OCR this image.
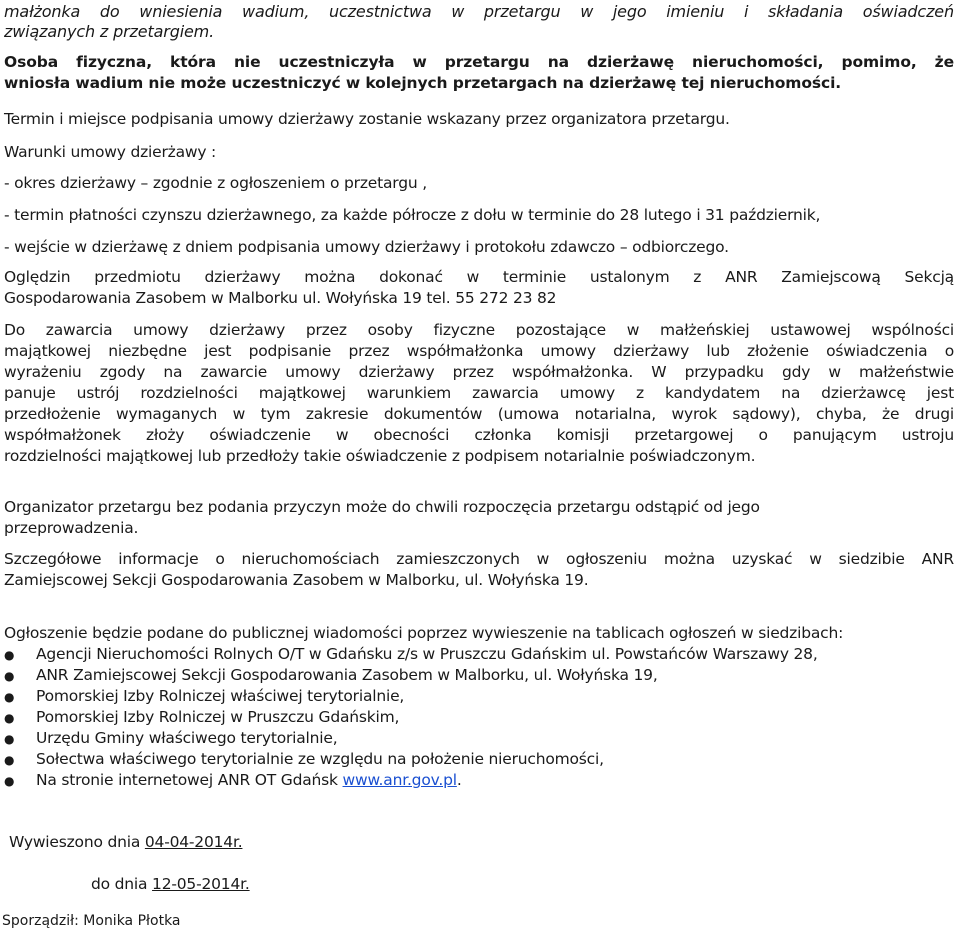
małżonka do wniesienia wadium, uczestnictwa w przetargu w jego imieniu i składania oświadczeń
związanych z przetargiem.
Osoba fizyczna, która nie uczestniczyła w przetargu na dzierżawę nieruchomości, pomimo, że
wniosła wadium nie może uczestniczyć w kolejnych przetargach na dzierżawę tej nieruchomości.
Termin i miejsce podpisania umowy dzierżawy zostanie wskazany przez organizatora przetargu.
Warunki umowy dzierżawy :
- okres dzierżawy – zgodnie z ogłoszeniem o przetargu ,
- termin płatności czynszu dzierżawnego, za każde półrocze z dołu w terminie do 28 lutego i 31 październik,
- wejście w dzierżawę z dniem podpisania umowy dzierżawy i protokołu zdawczo – odbiorczego.
Oględzin przedmiotu dzierżawy można dokonać w terminie ustalonym z ANR Zamiejscową Sekcją
Gospodarowania Zasobem w Malborku ul. Wołyńska 19 tel. 55 272 23 82
Do zawarcia umowy dzierżawy przez osoby fizyczne pozostające w małżeńskiej ustawowej wspólności
majątkowej niezbędne jest podpisanie przez współmałżonka umowy dzierżawy lub złożenie oświadczenia o
wyrażeniu zgody na zawarcie umowy dzierżawy przez współmałżonka. W przypadku gdy w małżeństwie
panuje ustrój rozdzielności majątkowej warunkiem zawarcia umowy z kandydatem na dzierżawcę jest
przedłożenie wymaganych w tym zakresie dokumentów (umowa notarialna, wyrok sądowy), chyba, że drugi
współmałżonek złoży oświadczenie w obecności członka komisji przetargowej o panującym ustroju
rozdzielności majątkowej lub przedłoży takie oświadczenie z podpisem notarialnie poświadczonym.
Organizator przetargu bez podania przyczyn może do chwili rozpoczęcia przetargu odstąpić od jego
przeprowadzenia.
Szczegółowe informacje o nieruchomościach zamieszczonych w ogłoszeniu można uzyskać w siedzibie ANR
Zamiejscowej Sekcji Gospodarowania Zasobem w Malborku, ul. Wołyńska 19.
Ogłoszenie będzie podane do publicznej wiadomości poprzez wywieszenie na tablicach ogłoszeń w siedzibach:
● Agencji Nieruchomości Rolnych O/T w Gdańsku z/s w Pruszczu Gdańskim ul. Powstańców Warszawy 28,
● ANR Zamiejscowej Sekcji Gospodarowania Zasobem w Malborku, ul. Wołyńska 19,
● Pomorskiej Izby Rolniczej właściwej terytorialnie,
● Pomorskiej Izby Rolniczej w Pruszczu Gdańskim,
● Urzędu Gminy właściwego terytorialnie,
● Sołectwa właściwego terytorialnie ze względu na położenie nieruchomości,
● Na stronie internetowej ANR OT Gdańsk www.anr.gov.pl.
Wywieszono dnia 04-04-2014r.
do dnia 12-05-2014r.
Sporządził: Monika Płotka
